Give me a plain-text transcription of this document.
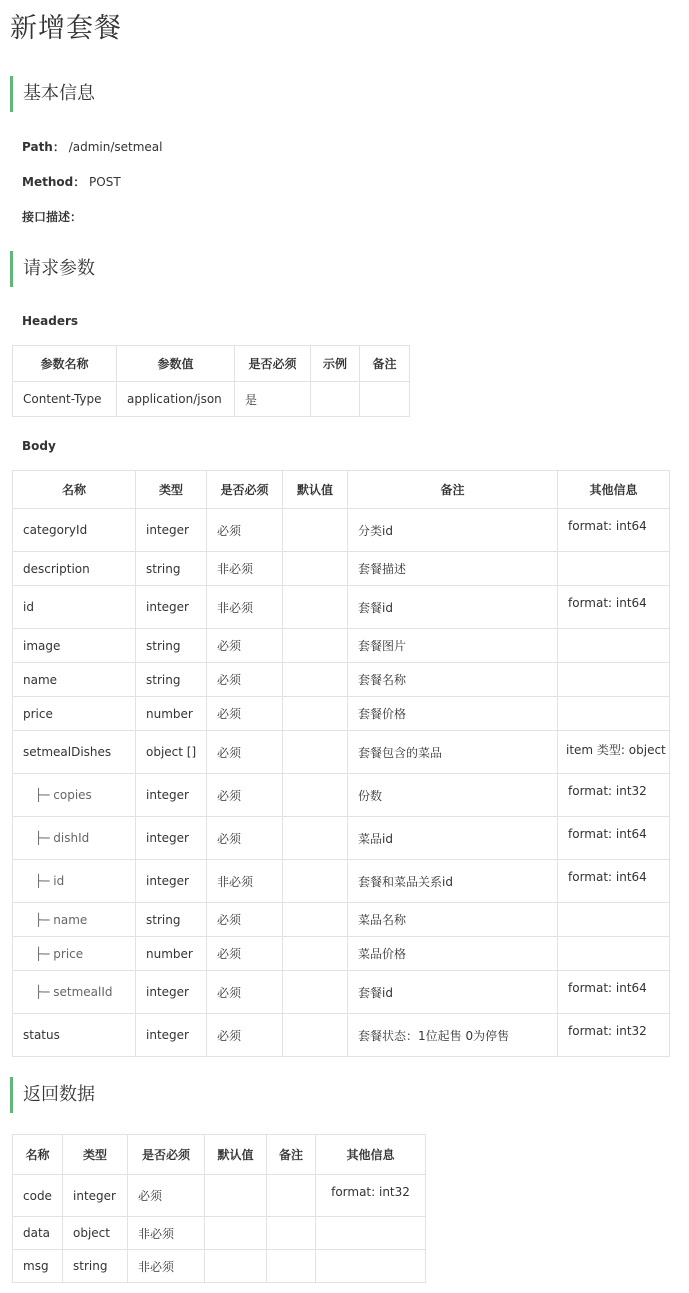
新增套餐
基本信息
Path： /admin/setmeal
Method： POST
接口描述：
请求参数
Headers
参数名称	参数值	是否必须	示例	备注
Content-Type	application/json	是		
Body
名称	类型	是否必须	默认值	备注	其他信息
categoryId	integer	必须		分类id	format: int64
description	string	非必须		套餐描述	
id	integer	非必须		套餐id	format: int64
image	string	必须		套餐图片	
name	string	必须		套餐名称	
price	number	必须		套餐价格	
setmealDishes	object []	必须		套餐包含的菜品	item 类型: object
├─ copies	integer	必须		份数	format: int32
├─ dishId	integer	必须		菜品id	format: int64
├─ id	integer	非必须		套餐和菜品关系id	format: int64
├─ name	string	必须		菜品名称	
├─ price	number	必须		菜品价格	
├─ setmealId	integer	必须		套餐id	format: int64
status	integer	必须		套餐状态：1位起售 0为停售	format: int32
返回数据
名称	类型	是否必须	默认值	备注	其他信息
code	integer	必须			format: int32
data	object	非必须			
msg	string	非必须			
